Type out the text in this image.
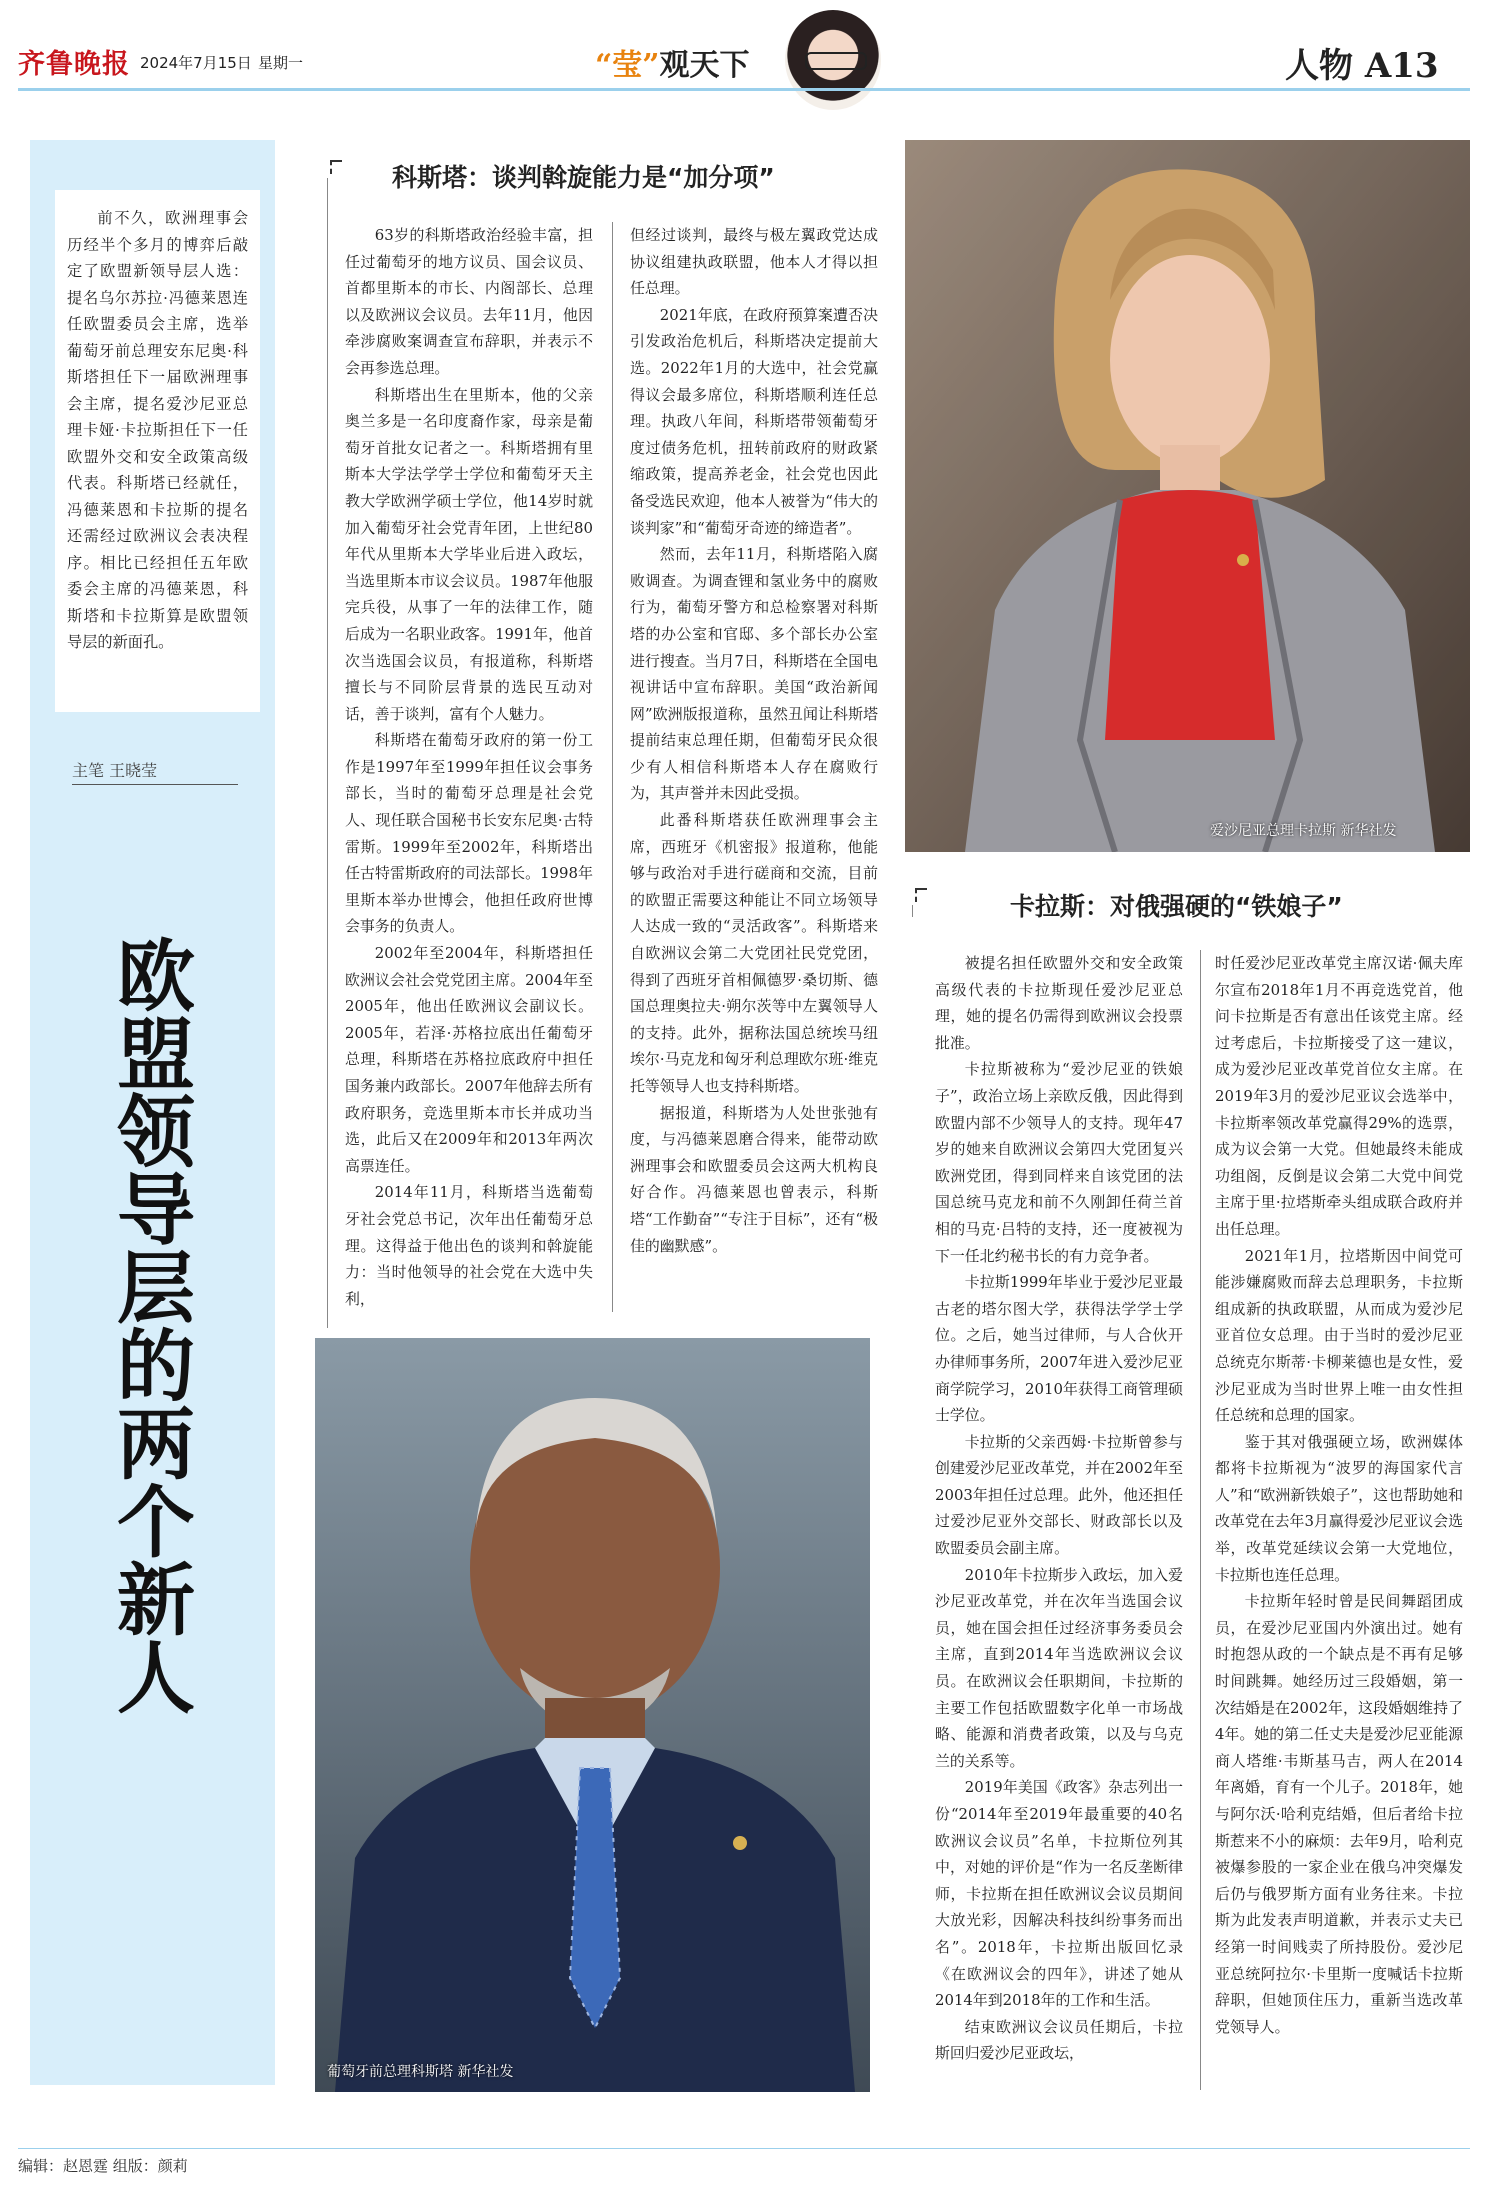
齐鲁晚报 2024年7月15日 星期一	“莹”观天下	人物 A13

前不久，欧洲理事会历经半个多月的博弈后敲定了欧盟新领导层人选：提名乌尔苏拉·冯德莱恩连任欧盟委员会主席，选举葡萄牙前总理安东尼奥·科斯塔担任下一届欧洲理事会主席，提名爱沙尼亚总理卡娅·卡拉斯担任下一任欧盟外交和安全政策高级代表。科斯塔已经就任，冯德莱恩和卡拉斯的提名还需经过欧洲议会表决程序。相比已经担任五年欧委会主席的冯德莱恩，科斯塔和卡拉斯算是欧盟领导层的新面孔。

主笔 王晓莹
欧盟领导层的两个新人
科斯塔：谈判斡旋能力是“加分项”

63岁的科斯塔政治经验丰富，担任过葡萄牙的地方议员、国会议员、首都里斯本的市长、内阁部长、总理以及欧洲议会议员。去年11月，他因牵涉腐败案调查宣布辞职，并表示不会再参选总理。

科斯塔出生在里斯本，他的父亲奥兰多是一名印度裔作家，母亲是葡萄牙首批女记者之一。科斯塔拥有里斯本大学法学学士学位和葡萄牙天主教大学欧洲学硕士学位，他14岁时就加入葡萄牙社会党青年团，上世纪80年代从里斯本大学毕业后进入政坛，当选里斯本市议会议员。1987年他服完兵役，从事了一年的法律工作，随后成为一名职业政客。1991年，他首次当选国会议员，有报道称，科斯塔擅长与不同阶层背景的选民互动对话，善于谈判，富有个人魅力。

科斯塔在葡萄牙政府的第一份工作是1997年至1999年担任议会事务部长，当时的葡萄牙总理是社会党人、现任联合国秘书长安东尼奥·古特雷斯。1999年至2002年，科斯塔出任古特雷斯政府的司法部长。1998年里斯本举办世博会，他担任政府世博会事务的负责人。

2002年至2004年，科斯塔担任欧洲议会社会党党团主席。2004年至2005年，他出任欧洲议会副议长。2005年，若泽·苏格拉底出任葡萄牙总理，科斯塔在苏格拉底政府中担任国务兼内政部长。2007年他辞去所有政府职务，竞选里斯本市长并成功当选，此后又在2009年和2013年两次高票连任。

2014年11月，科斯塔当选葡萄牙社会党总书记，次年出任葡萄牙总理。这得益于他出色的谈判和斡旋能力：当时他领导的社会党在大选中失利，

但经过谈判，最终与极左翼政党达成协议组建执政联盟，他本人才得以担任总理。

2021年底，在政府预算案遭否决引发政治危机后，科斯塔决定提前大选。2022年1月的大选中，社会党赢得议会最多席位，科斯塔顺利连任总理。执政八年间，科斯塔带领葡萄牙度过债务危机，扭转前政府的财政紧缩政策，提高养老金，社会党也因此备受选民欢迎，他本人被誉为“伟大的谈判家”和“葡萄牙奇迹的缔造者”。

然而，去年11月，科斯塔陷入腐败调查。为调查锂和氢业务中的腐败行为，葡萄牙警方和总检察署对科斯塔的办公室和官邸、多个部长办公室进行搜查。当月7日，科斯塔在全国电视讲话中宣布辞职。美国“政治新闻网”欧洲版报道称，虽然丑闻让科斯塔提前结束总理任期，但葡萄牙民众很少有人相信科斯塔本人存在腐败行为，其声誉并未因此受损。

此番科斯塔获任欧洲理事会主席，西班牙《机密报》报道称，他能够与政治对手进行磋商和交流，目前的欧盟正需要这种能让不同立场领导人达成一致的“灵活政客”。科斯塔来自欧洲议会第二大党团社民党党团，得到了西班牙首相佩德罗·桑切斯、德国总理奥拉夫·朔尔茨等中左翼领导人的支持。此外，据称法国总统埃马纽埃尔·马克龙和匈牙利总理欧尔班·维克托等领导人也支持科斯塔。

据报道，科斯塔为人处世张弛有度，与冯德莱恩磨合得来，能带动欧洲理事会和欧盟委员会这两大机构良好合作。冯德莱恩也曾表示，科斯塔“工作勤奋”“专注于目标”，还有“极佳的幽默感”。

爱沙尼亚总理卡拉斯 新华社发
卡拉斯：对俄强硬的“铁娘子”

被提名担任欧盟外交和安全政策高级代表的卡拉斯现任爱沙尼亚总理，她的提名仍需得到欧洲议会投票批准。

卡拉斯被称为“爱沙尼亚的铁娘子”，政治立场上亲欧反俄，因此得到欧盟内部不少领导人的支持。现年47岁的她来自欧洲议会第四大党团复兴欧洲党团，得到同样来自该党团的法国总统马克龙和前不久刚卸任荷兰首相的马克·吕特的支持，还一度被视为下一任北约秘书长的有力竞争者。

卡拉斯1999年毕业于爱沙尼亚最古老的塔尔图大学，获得法学学士学位。之后，她当过律师，与人合伙开办律师事务所，2007年进入爱沙尼亚商学院学习，2010年获得工商管理硕士学位。

卡拉斯的父亲西姆·卡拉斯曾参与创建爱沙尼亚改革党，并在2002年至2003年担任过总理。此外，他还担任过爱沙尼亚外交部长、财政部长以及欧盟委员会副主席。

2010年卡拉斯步入政坛，加入爱沙尼亚改革党，并在次年当选国会议员，她在国会担任过经济事务委员会主席，直到2014年当选欧洲议会议员。在欧洲议会任职期间，卡拉斯的主要工作包括欧盟数字化单一市场战略、能源和消费者政策，以及与乌克兰的关系等。

2019年美国《政客》杂志列出一份“2014年至2019年最重要的40名欧洲议会议员”名单，卡拉斯位列其中，对她的评价是“作为一名反垄断律师，卡拉斯在担任欧洲议会议员期间大放光彩，因解决科技纠纷事务而出名”。2018年，卡拉斯出版回忆录《在欧洲议会的四年》，讲述了她从2014年到2018年的工作和生活。

结束欧洲议会议员任期后，卡拉斯回归爱沙尼亚政坛，

时任爱沙尼亚改革党主席汉诺·佩夫库尔宣布2018年1月不再竞选党首，他问卡拉斯是否有意出任该党主席。经过考虑后，卡拉斯接受了这一建议，成为爱沙尼亚改革党首位女主席。在2019年3月的爱沙尼亚议会选举中，卡拉斯率领改革党赢得29%的选票，成为议会第一大党。但她最终未能成功组阁，反倒是议会第二大党中间党主席于里·拉塔斯牵头组成联合政府并出任总理。

2021年1月，拉塔斯因中间党可能涉嫌腐败而辞去总理职务，卡拉斯组成新的执政联盟，从而成为爱沙尼亚首位女总理。由于当时的爱沙尼亚总统克尔斯蒂·卡柳莱德也是女性，爱沙尼亚成为当时世界上唯一由女性担任总统和总理的国家。

鉴于其对俄强硬立场，欧洲媒体都将卡拉斯视为“波罗的海国家代言人”和“欧洲新铁娘子”，这也帮助她和改革党在去年3月赢得爱沙尼亚议会选举，改革党延续议会第一大党地位，卡拉斯也连任总理。

卡拉斯年轻时曾是民间舞蹈团成员，在爱沙尼亚国内外演出过。她有时抱怨从政的一个缺点是不再有足够时间跳舞。她经历过三段婚姻，第一次结婚是在2002年，这段婚姻维持了4年。她的第二任丈夫是爱沙尼亚能源商人塔维·韦斯基马吉，两人在2014年离婚，育有一个儿子。2018年，她与阿尔沃·哈利克结婚，但后者给卡拉斯惹来不小的麻烦：去年9月，哈利克被爆参股的一家企业在俄乌冲突爆发后仍与俄罗斯方面有业务往来。卡拉斯为此发表声明道歉，并表示丈夫已经第一时间贱卖了所持股份。爱沙尼亚总统阿拉尔·卡里斯一度喊话卡拉斯辞职，但她顶住压力，重新当选改革党领导人。

葡萄牙前总理科斯塔 新华社发
编辑：赵恩霆 组版：颜莉
